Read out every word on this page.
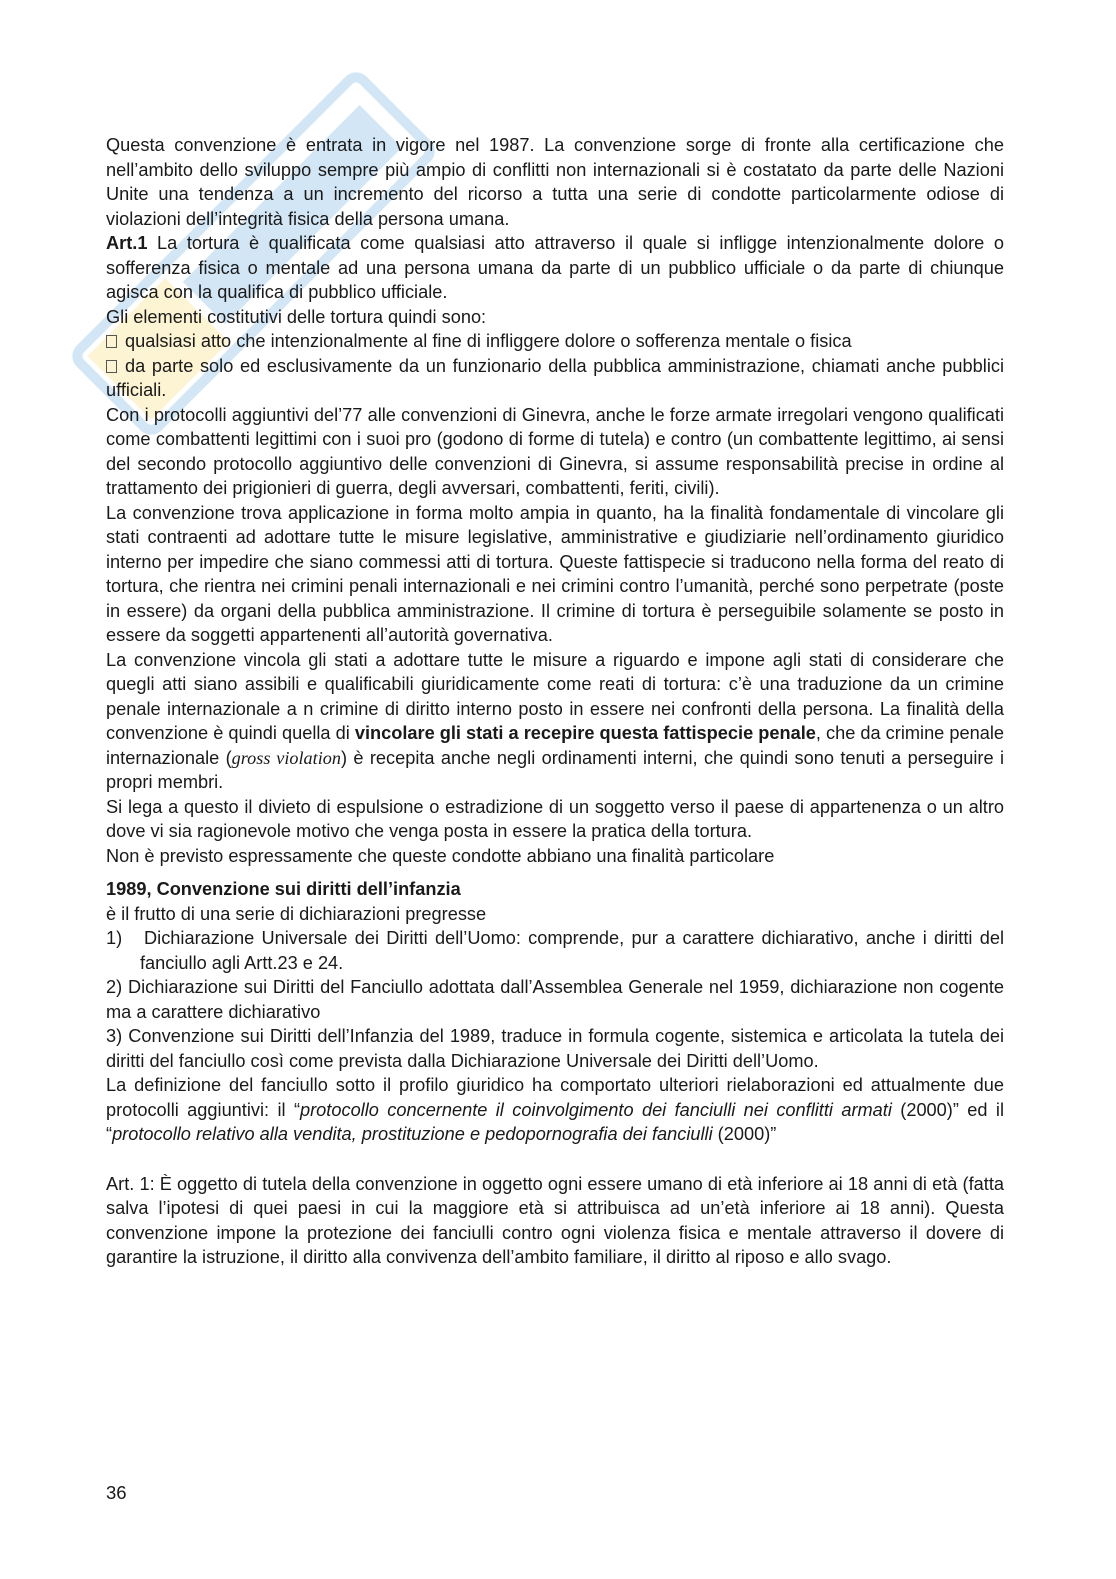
Questa convenzione è entrata in vigore nel 1987. La convenzione sorge di fronte alla certificazione che nell’ambito dello sviluppo sempre più ampio di conflitti non internazionali si è costatato da parte delle Nazioni Unite una tendenza a un incremento del ricorso a tutta una serie di condotte particolarmente odiose di violazioni dell’integrità fisica della persona umana.

Art.1 La tortura è qualificata come qualsiasi atto attraverso il quale si infligge intenzionalmente dolore o sofferenza fisica o mentale ad una persona umana da parte di un pubblico ufficiale o da parte di chiunque agisca con la qualifica di pubblico ufficiale.

Gli elementi costitutivi delle tortura quindi sono:

qualsiasi atto che intenzionalmente al fine di infliggere dolore o sofferenza mentale o fisica

da parte solo ed esclusivamente da un funzionario della pubblica amministrazione, chiamati anche pubblici ufficiali.

Con i protocolli aggiuntivi del’77 alle convenzioni di Ginevra, anche le forze armate irregolari vengono qualificati come combattenti legittimi con i suoi pro (godono di forme di tutela) e contro (un combattente legittimo, ai sensi del secondo protocollo aggiuntivo delle convenzioni di Ginevra, si assume responsabilità precise in ordine al trattamento dei prigionieri di guerra, degli avversari, combattenti, feriti, civili).

La convenzione trova applicazione in forma molto ampia in quanto, ha la finalità fondamentale di vincolare gli stati contraenti ad adottare tutte le misure legislative, amministrative e giudiziarie nell’ordinamento giuridico interno per impedire che siano commessi atti di tortura. Queste fattispecie si traducono nella forma del reato di tortura, che rientra nei crimini penali internazionali e nei crimini contro l’umanità, perché sono perpetrate (poste in essere) da organi della pubblica amministrazione. Il crimine di tortura è perseguibile solamente se posto in essere da soggetti appartenenti all’autorità governativa.

La convenzione vincola gli stati a adottare tutte le misure a riguardo e impone agli stati di considerare che quegli atti siano assibili e qualificabili giuridicamente come reati di tortura: c’è una traduzione da un crimine penale internazionale a n crimine di diritto interno posto in essere nei confronti della persona. La finalità della convenzione è quindi quella di vincolare gli stati a recepire questa fattispecie penale, che da crimine penale internazionale (gross violation) è recepita anche negli ordinamenti interni, che quindi sono tenuti a perseguire i propri membri.

Si lega a questo il divieto di espulsione o estradizione di un soggetto verso il paese di appartenenza o un altro dove vi sia ragionevole motivo che venga posta in essere la pratica della tortura.

Non è previsto espressamente che queste condotte abbiano una finalità particolare

1989, Convenzione sui diritti dell’infanzia

è il frutto di una serie di dichiarazioni pregresse

1) Dichiarazione Universale dei Diritti dell’Uomo: comprende, pur a carattere dichiarativo, anche i diritti del fanciullo agli Artt.23 e 24.

2) Dichiarazione sui Diritti del Fanciullo adottata dall’Assemblea Generale nel 1959, dichiarazione non cogente ma a carattere dichiarativo

3) Convenzione sui Diritti dell’Infanzia del 1989, traduce in formula cogente, sistemica e articolata la tutela dei diritti del fanciullo così come prevista dalla Dichiarazione Universale dei Diritti dell’Uomo.

La definizione del fanciullo sotto il profilo giuridico ha comportato ulteriori rielaborazioni ed attualmente due protocolli aggiuntivi: il “protocollo concernente il coinvolgimento dei fanciulli nei conflitti armati (2000)” ed il “protocollo relativo alla vendita, prostituzione e pedopornografia dei fanciulli (2000)”

Art. 1: È oggetto di tutela della convenzione in oggetto ogni essere umano di età inferiore ai 18 anni di età (fatta salva l’ipotesi di quei paesi in cui la maggiore età si attribuisca ad un’età inferiore ai 18 anni). Questa convenzione impone la protezione dei fanciulli contro ogni violenza fisica e mentale attraverso il dovere di garantire la istruzione, il diritto alla convivenza dell’ambito familiare, il diritto al riposo e allo svago.

36
